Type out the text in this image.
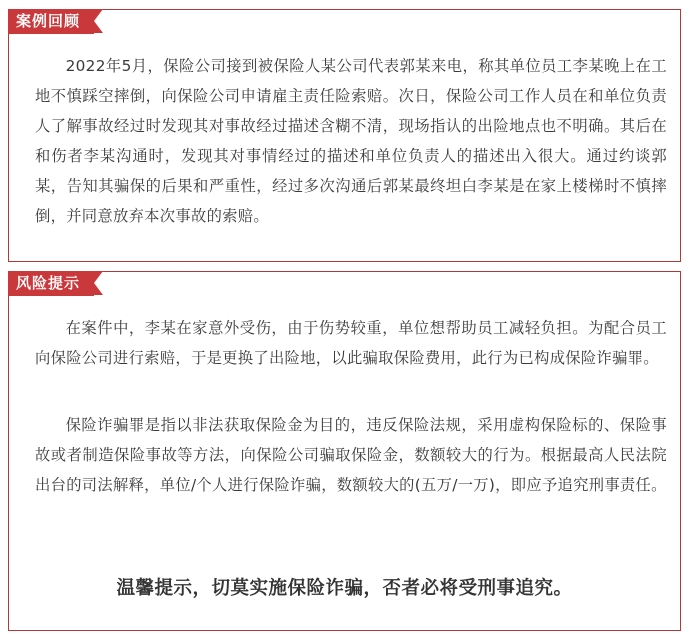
案例回顾

2022年5月，保险公司接到被保险人某公司代表郭某来电，称其单位员工李某晚上在工地不慎踩空摔倒，向保险公司申请雇主责任险索赔。次日，保险公司工作人员在和单位负责人了解事故经过时发现其对事故经过描述含糊不清，现场指认的出险地点也不明确。其后在和伤者李某沟通时，发现其对事情经过的描述和单位负责人的描述出入很大。通过约谈郭某，告知其骗保的后果和严重性，经过多次沟通后郭某最终坦白李某是在家上楼梯时不慎摔倒，并同意放弃本次事故的索赔。

风险提示

在案件中，李某在家意外受伤，由于伤势较重，单位想帮助员工减轻负担。为配合员工向保险公司进行索赔，于是更换了出险地，以此骗取保险费用，此行为已构成保险诈骗罪。

保险诈骗罪是指以非法获取保险金为目的，违反保险法规，采用虚构保险标的、保险事故或者制造保险事故等方法，向保险公司骗取保险金，数额较大的行为。根据最高人民法院出台的司法解释，单位/个人进行保险诈骗，数额较大的(五万/一万)，即应予追究刑事责任。

温馨提示，切莫实施保险诈骗，否者必将受刑事追究。
